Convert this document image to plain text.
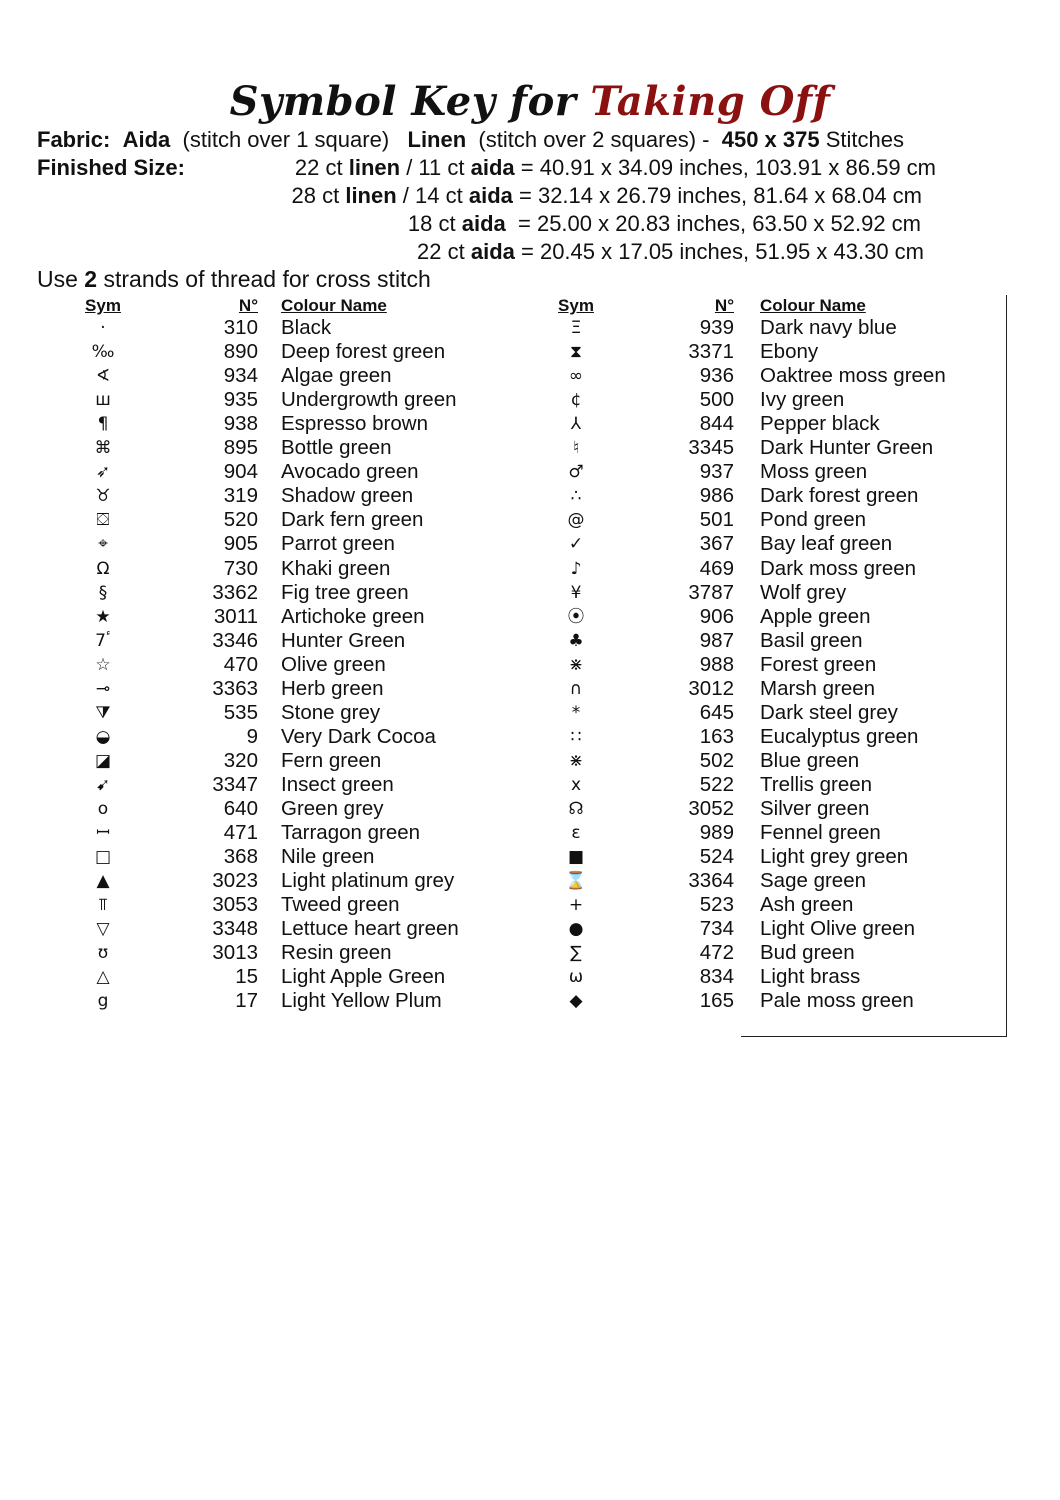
Symbol Key for Taking Off
Fabric: Aida (stitch over 1 square) Linen (stitch over 2 squares) - 450 x 375 Stitches
Finished Size:	22 ct linen / 11 ct aida = 40.91 x 34.09 inches, 103.91 x 86.59 cm
28 ct linen / 14 ct aida = 32.14 x 26.79 inches, 81.64 x 68.04 cm
18 ct aida  = 25.00 x 20.83 inches, 63.50 x 52.92 cm
22 ct aida = 20.45 x 17.05 inches, 51.95 x 43.30 cm
Use 2 strands of thread for cross stitch
Sym	N° Colour Name	Sym	N° Colour Name
·	310 Black	Ξ	939 Dark navy blue
‰	890 Deep forest green	⧗	3371 Ebony
∢	934 Algae green	∞	936 Oaktree moss green
ш	935 Undergrowth green	¢	500 Ivy green
¶	938 Espresso brown	⅄	844 Pepper black
⌘	895 Bottle green	♮	3345 Dark Hunter Green
➶	904 Avocado green	♂	937 Moss green
♉	319 Shadow green	∴	986 Dark forest green
⛋	520 Dark fern green	@	501 Pond green
⌖	905 Parrot green	✓	367 Bay leaf green
Ω	730 Khaki green	♪	469 Dark moss green
§	3362 Fig tree green	¥	3787 Wolf grey
★	3011 Artichoke green	⦿	906 Apple green
ٴ7	3346 Hunter Green	♣	987 Basil green
☆	470 Olive green	⋇	988 Forest green
⊸	3363 Herb green	∩	3012 Marsh green
⧩	535 Stone grey	*	645 Dark steel grey
◒	9 Very Dark Cocoa	∷	163 Eucalyptus green
◪	320 Fern green	⋇	502 Blue green
➹	3347 Insect green	x	522 Trellis green
o	640 Green grey	☊	3052 Silver green
ꟷ	471 Tarragon green	ε	989 Fennel green
□	368 Nile green	■	524 Light grey green
▲	3023 Light platinum grey	⌛	3364 Sage green
⫪	3053 Tweed green	+	523 Ash green
▽	3348 Lettuce heart green	●	734 Light Olive green
ʊ	3013 Resin green	∑	472 Bud green
△	15 Light Apple Green	ω	834 Light brass
g	17 Light Yellow Plum	◆	165 Pale moss green
